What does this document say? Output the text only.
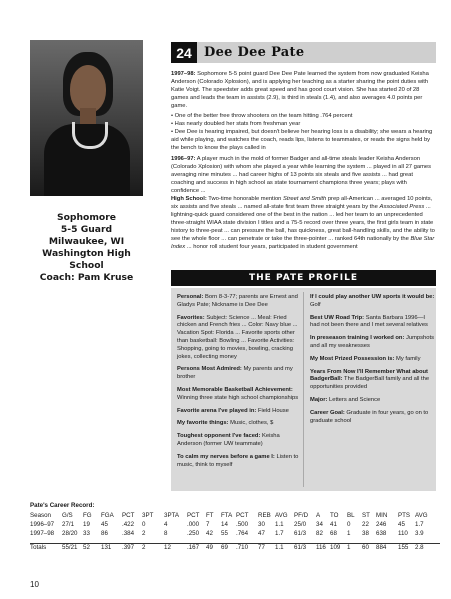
Sophomore
5-5 Guard
Milwaukee, WI
Washington High School
Coach: Pam Kruse
24 Dee Dee Pate

1997–98: Sophomore 5-5 point guard Dee Dee Pate learned the system from now graduated Keisha Anderson (Colorado Xplosion), and is applying her teaching as a starter sharing the point duties with Katie Voigt. The speedster adds great speed and has good court vision. She has started 20 of 28 games and leads the team in assists (2.9), is third in steals (1.4), and also averages 4.0 points per game.

• One of the better free throw shooters on the team hitting .764 percent

• Has nearly doubled her stats from freshman year

• Dee Dee is hearing impaired, but doesn't believe her hearing loss is a disability; she wears a hearing aid while playing, and watches the coach, reads lips, listens to teammates, or reads the signs held by the bench to know the plays called in

1996–97: A player much in the mold of former Badger and all-time steals leader Keisha Anderson (Colorado Xplosion) with whom she played a year while learning the system ... played in all 27 games averaging nine minutes ... had career highs of 13 points six steals and five assists ... had great coaching and success in high school as state tournament champions three years; plays with confidence ...
High School: Two-time honorable mention Street and Smith prep all-American ... averaged 10 points, six assists and five steals ... named all-state first team three straight years by the Associated Press ... lightning-quick guard considered one of the best in the nation ... led her team to an unprecedented three-straight WIAA state division I titles and a 75-5 record over three years, the first girls team in state history to three-peat ... can pressure the ball, has quickness, great ball-handling skills, and the ability to see the whole floor ... can penetrate or take the three-pointer ... ranked 64th nationally by the Blue Star Index ... honor roll student four years, participated in student government

THE PATE PROFILE
Personal: Born 8-3-77; parents are Ernest and Gladys Pate; Nickname is Dee Dee
Favorites: Subject: Science ... Meal: Fried chicken and French fries ... Color: Navy blue ... Vacation Spot: Florida ... Favorite sports other than basketball: Bowling ... Favorite Activities: Shopping, going to movies, bowling, cracking jokes, collecting money
Persons Most Admired: My parents and my brother
Most Memorable Basketball Achievement: Winning three state high school championships
Favorite arena I've played in: Field House
My favorite things: Music, clothes, $
Toughest opponent I've faced: Keisha Anderson (former UW teammate)
To calm my nerves before a game I: Listen to music, think to myself
If I could play another UW sports it would be: Golf
Best UW Road Trip: Santa Barbara 1996—I had not been there and I met several relatives
In preseason training I worked on: Jumpshots and all my weaknesses
My Most Prized Possession is: My family
Years From Now I'll Remember What about BadgerBall: The BadgerBall family and all the opportunities provided
Major: Letters and Science
Career Goal: Graduate in four years, go on to graduate school
Pate's Career Record:
Season G/S FG FGA PCT 3PT 3PTA PCT FT FTA PCT REB AVG PF/D A TO BL ST MIN PTS AVG
1996–97 27/1 19 45 .422 0	4	.000 7 14 .500 30 1.1 25/0 34 41 0 22 246 45 1.7
1997–98 28/20 33 86 .384 2	8	.250 42 55 .764 47 1.7 61/3 82 68 1 38 638 110 3.9
Totals	55/21 52 131 .397 2	12	.167 49 69 .710 77 1.1 61/3 116 109 1 60 884 155 2.8
10
